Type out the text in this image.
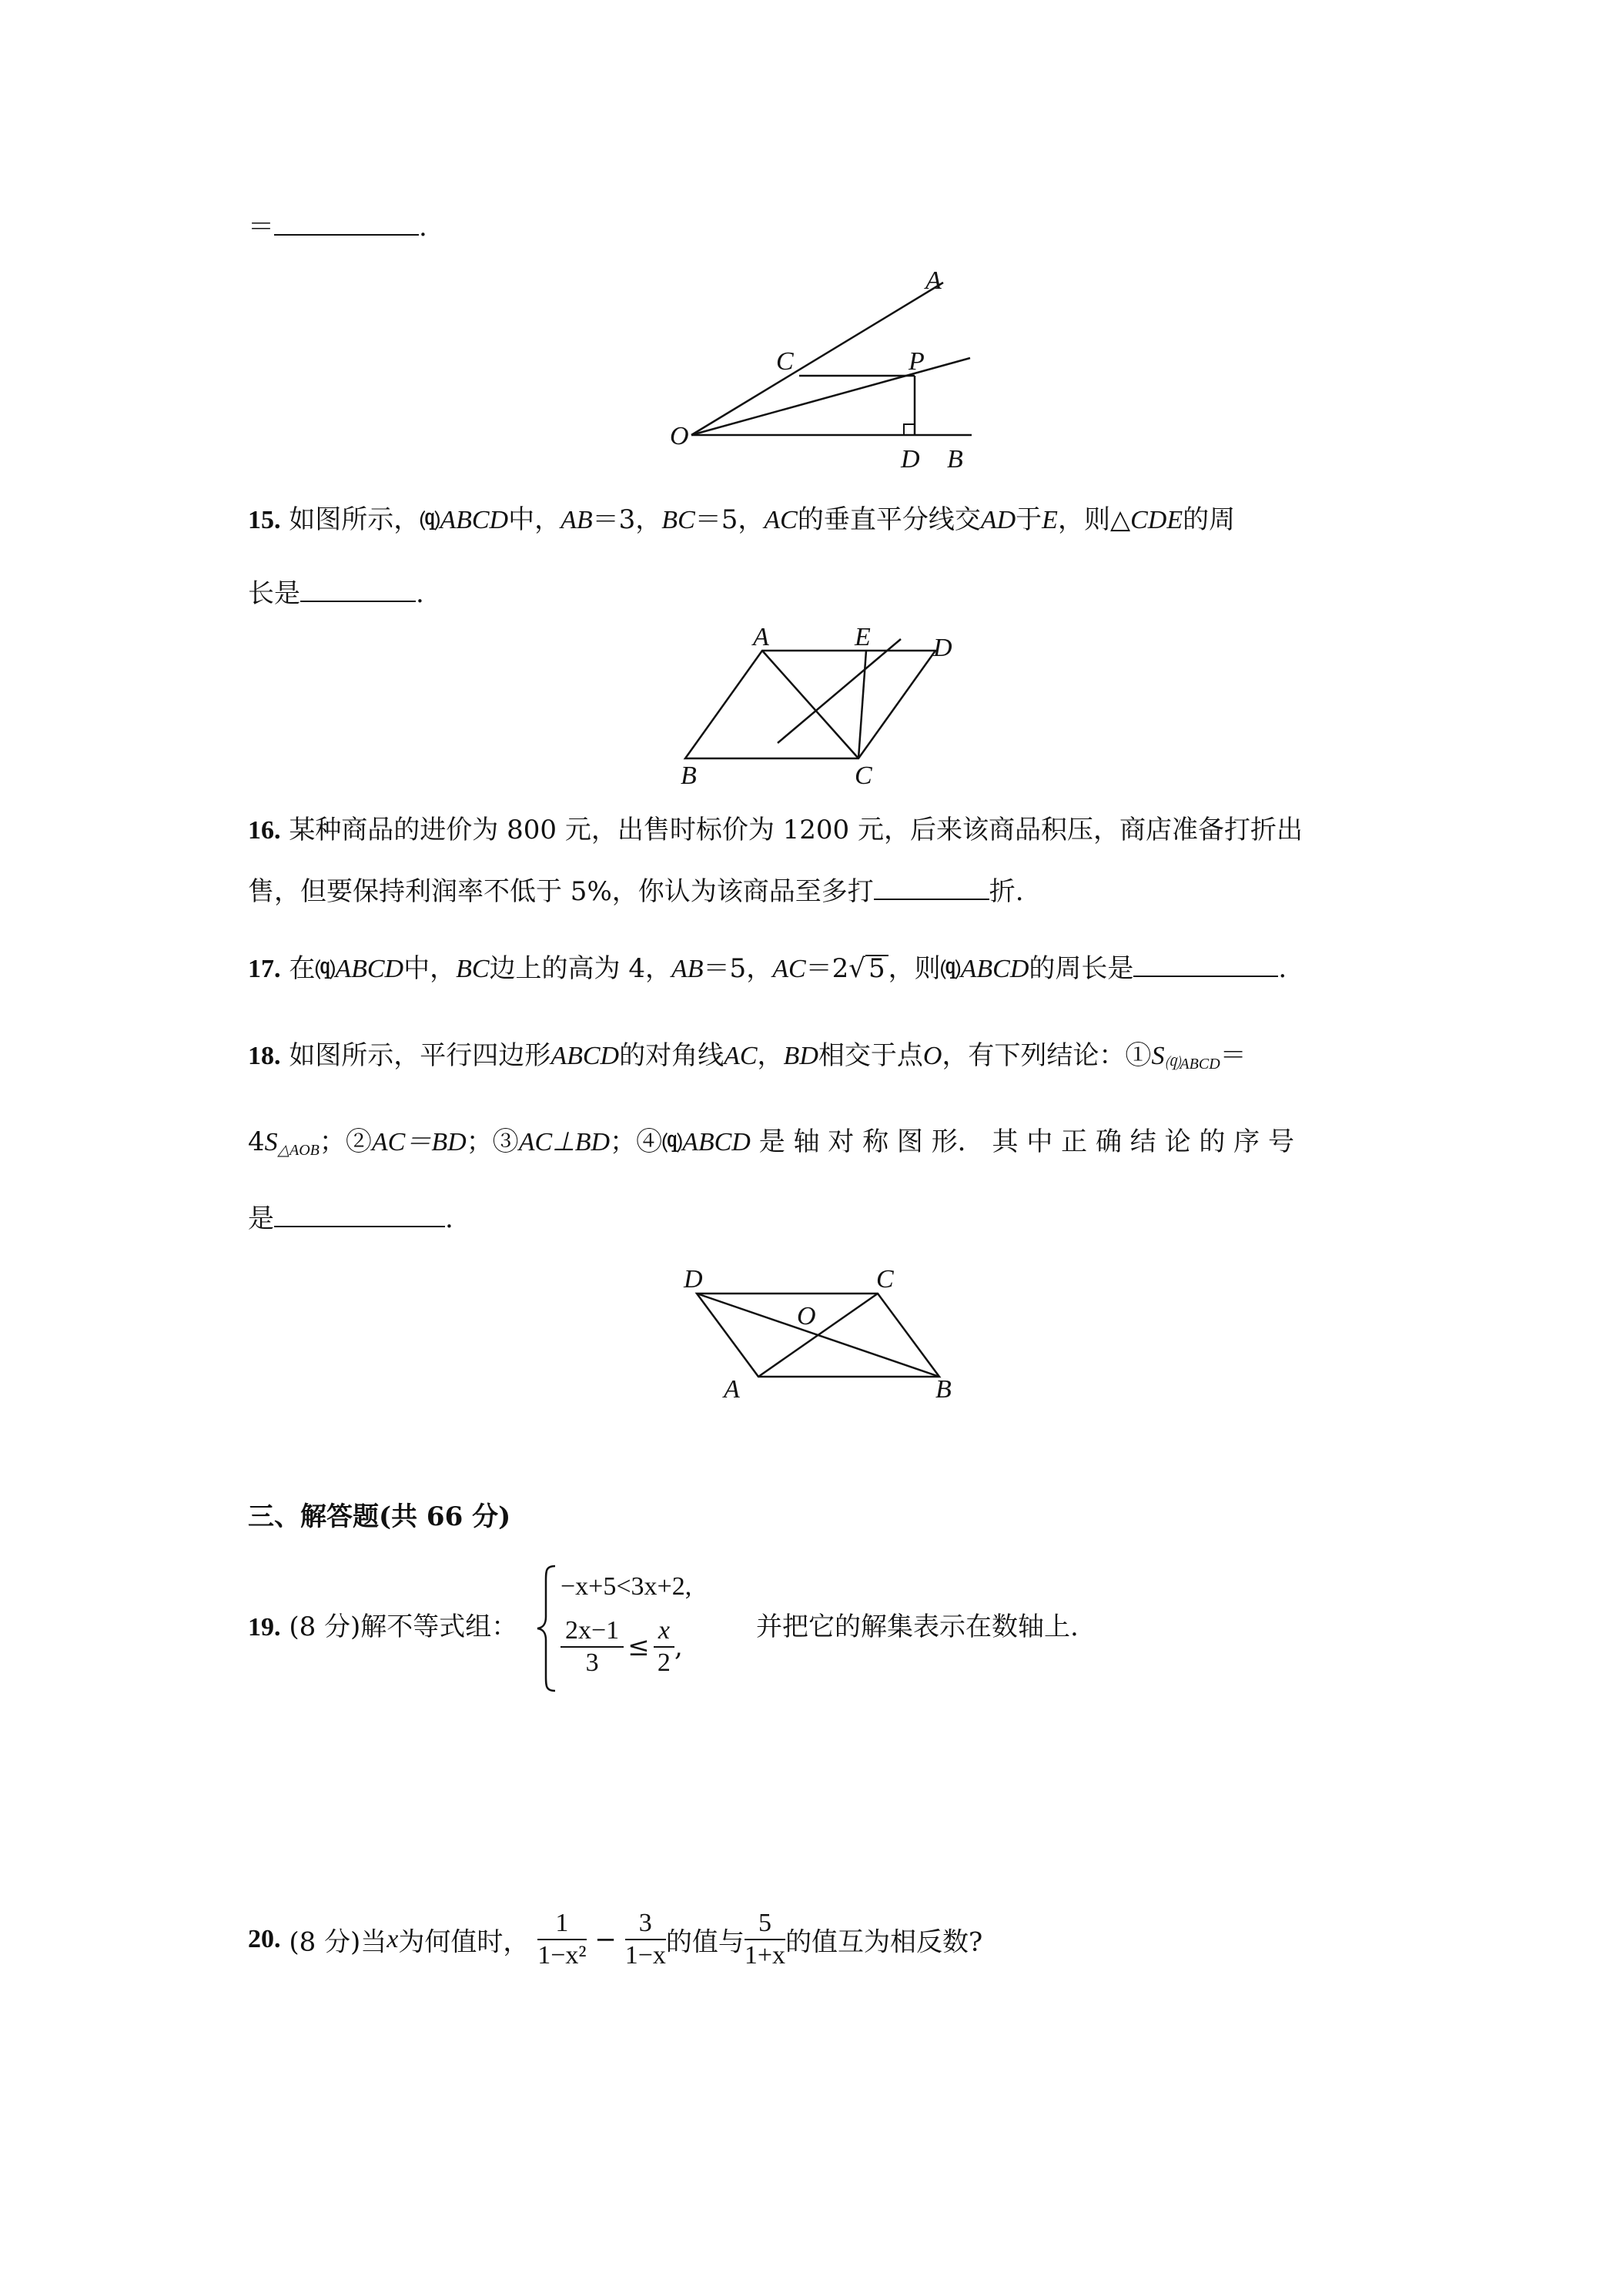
＝	.
A
C	P
O
D B
15. 如图所示，⒬ABCD中，AB＝3，BC＝5，AC的垂直平分线交AD于E，则△CDE的周
长是	.
A	E D
B	C
16. 某种商品的进价为 800 元，出售时标价为 1200 元，后来该商品积压，商店准备打折出
售，但要保持利润率不低于 5%，你认为该商品至多打	折.
17. 在⒬ABCD中，BC边上的高为 4，AB＝5，AC＝2√ 5 ，则⒬ABCD的周长是	.
18. 如图所示，平行四边形ABCD的对角线AC，BD相交于点O，有下列结论：$①S_{⒬ABCD}=$
$4S_{\triangle AOB}$；②AC＝BD；③AC⊥BD；④⒬ABCD 是 轴 对 称 图 形． 其 中 正 确 结 论 的 序 号
是	.
D	C
O
A	B
三、解答题(共 66 分)
19. (8 分)解不等式组：
−x+5<3x+2,
$\frac{2x-1}{3} \le \frac{x}{2}$ ,
并把它的解集表示在数轴上.
20. (8 分)当x为何值时， $\frac{1}{\text{1−x²}} - \frac{3}{1-x}$ 的值与 $\frac{5}{1+x}$ 的值互为相反数?
